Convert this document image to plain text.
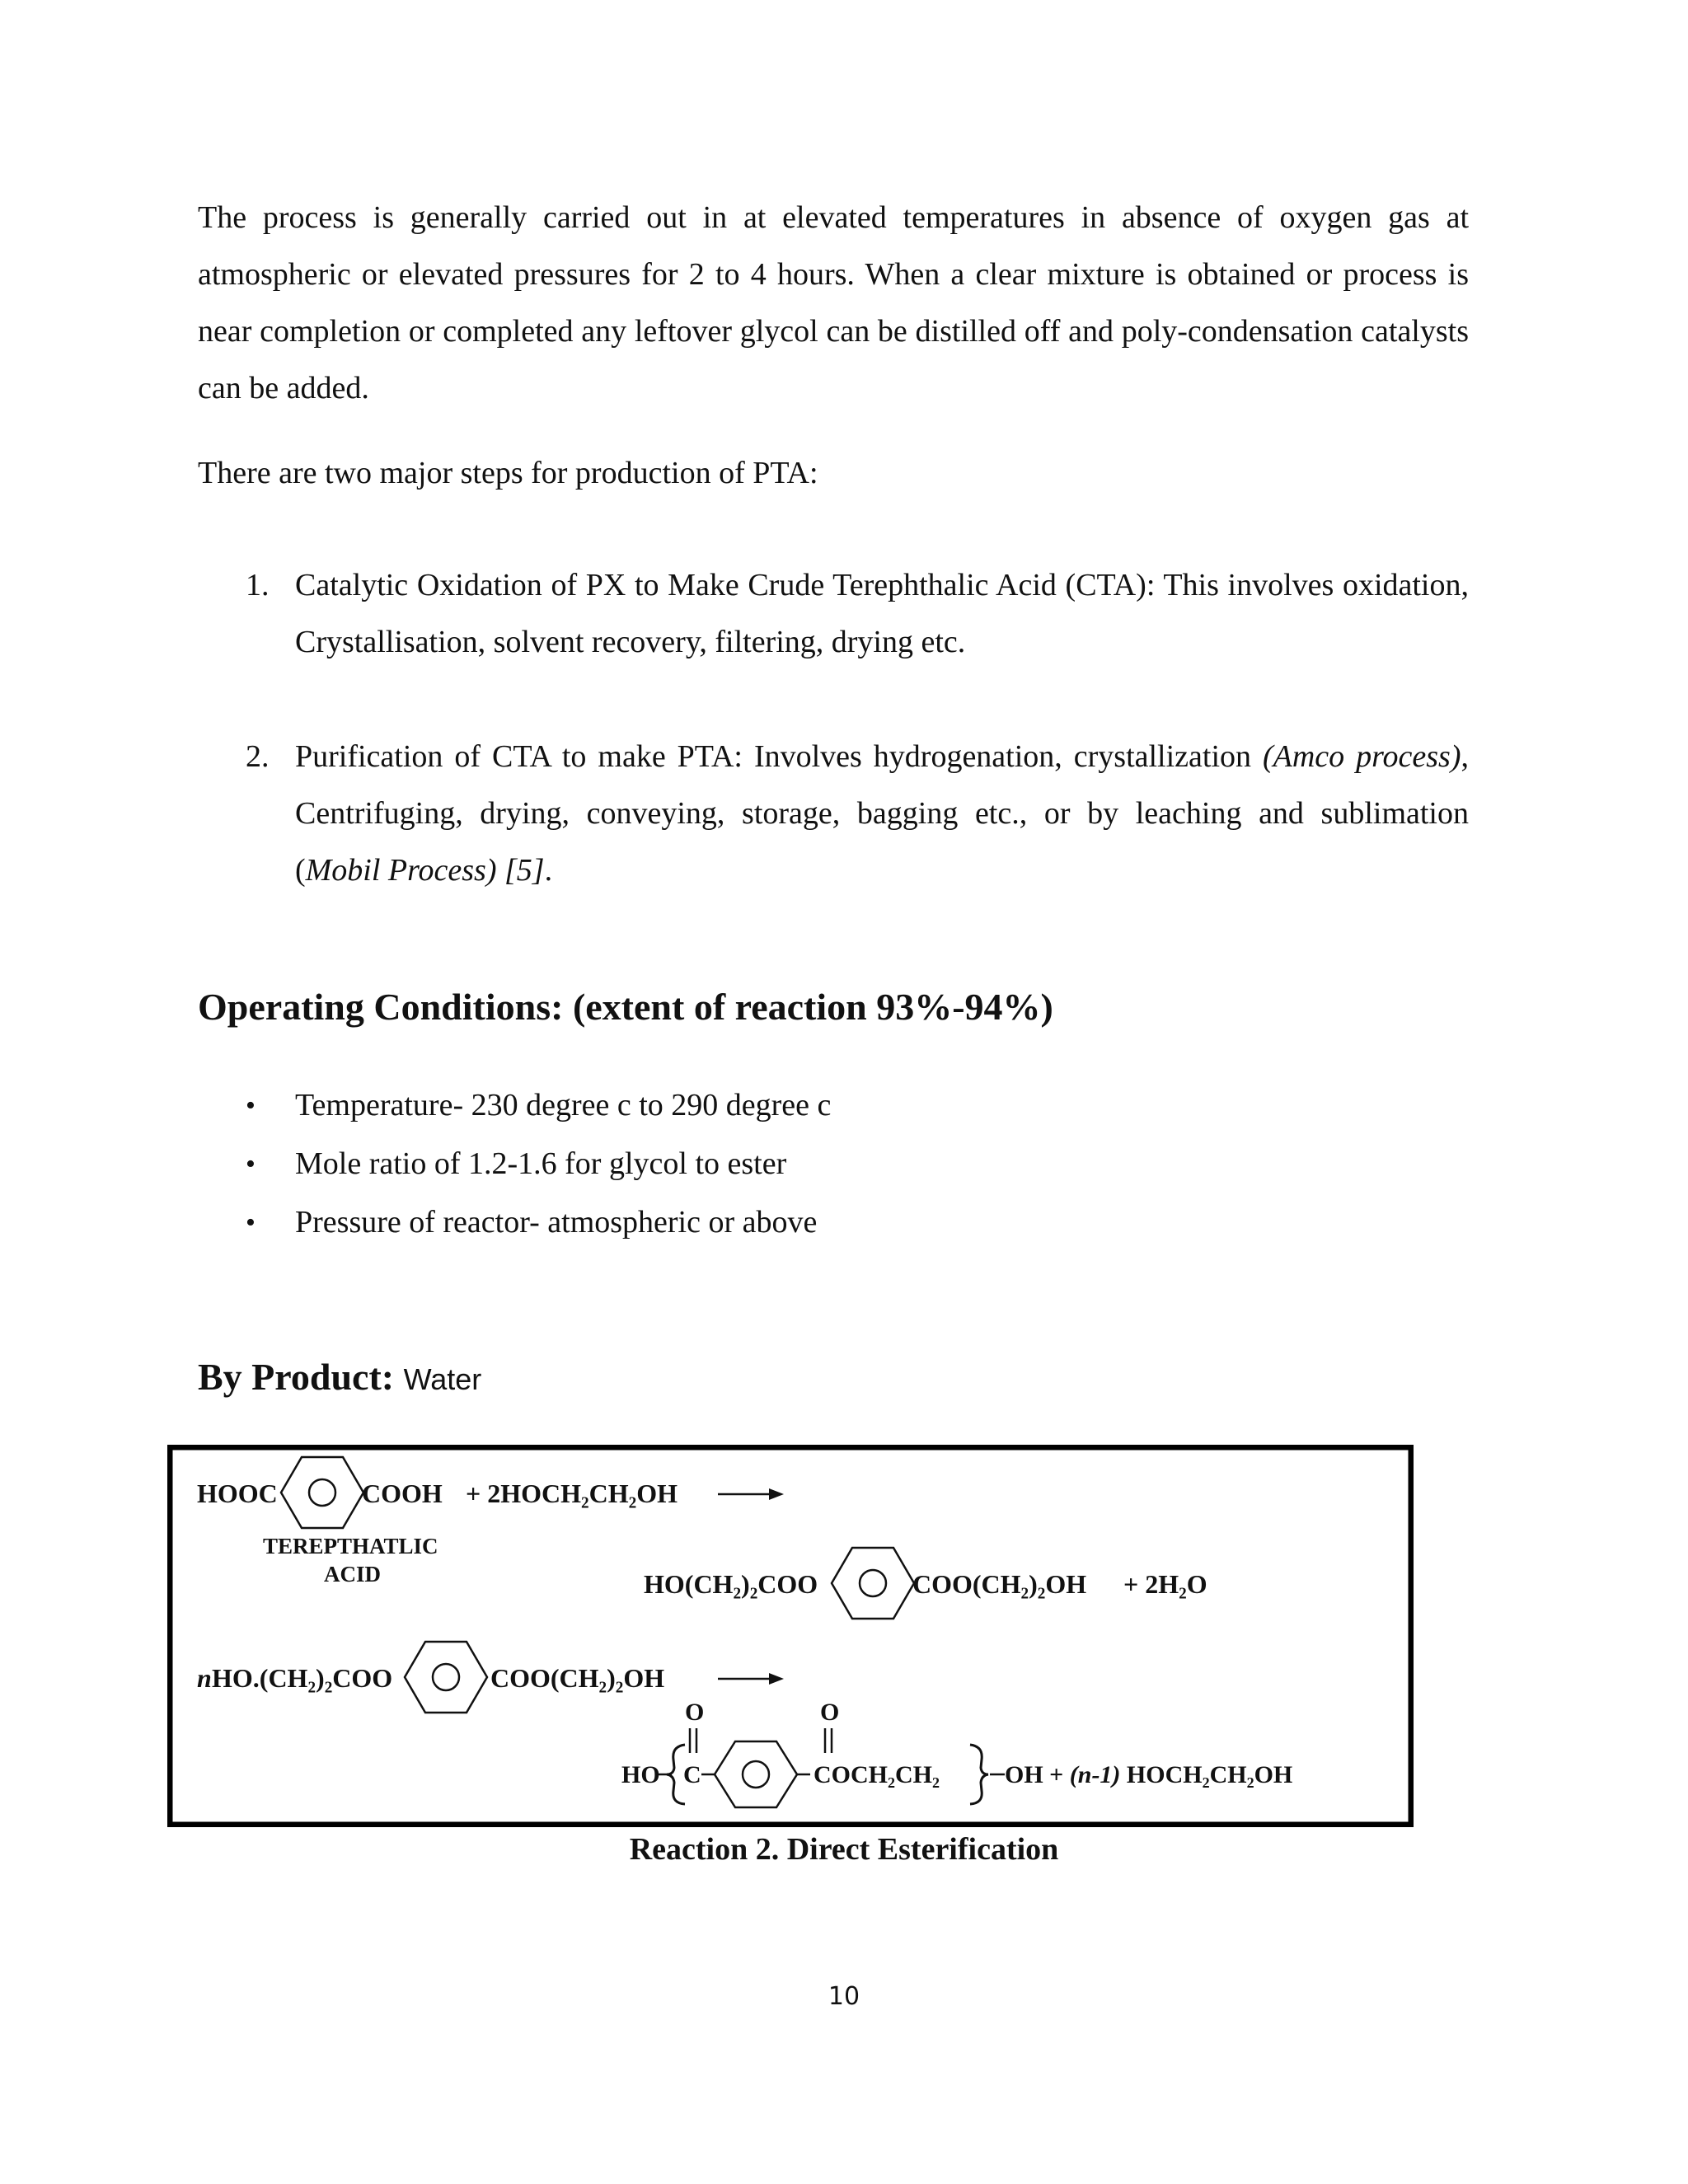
The process is generally carried out in at elevated temperatures in absence of oxygen gas at atmospheric or elevated pressures for 2 to 4 hours. When a clear mixture is obtained or process is near completion or completed any leftover glycol can be distilled off and poly-condensation catalysts can be added.
There are two major steps for production of PTA:
1. Catalytic Oxidation of PX to Make Crude Terephthalic Acid (CTA): This involves oxidation, Crystallisation, solvent recovery, filtering, drying etc.
2. Purification of CTA to make PTA: Involves hydrogenation, crystallization (Amco process), Centrifuging, drying, conveying, storage, bagging etc., or by leaching and sublimation (Mobil Process) [5].
Operating Conditions: (extent of reaction 93%-94%)
•	Temperature- 230 degree c to 290 degree c
•	Mole ratio of 1.2-1.6 for glycol to ester
•	Pressure of reactor- atmospheric or above
By Product: Water
HOOC	COOH + 2HOCH₂CH₂OH
TEREPTHATLIC
ACID	HO(CH₂)₂COO	COO(CH₂)₂OH + 2H₂O
n HO.(CH₂)₂COO	COO(CH₂)₂OH
HO
O
C
O
COCH₂CH₂	OH + (n-1) HOCH₂CH₂OH
Reaction 2. Direct Esterification
10
